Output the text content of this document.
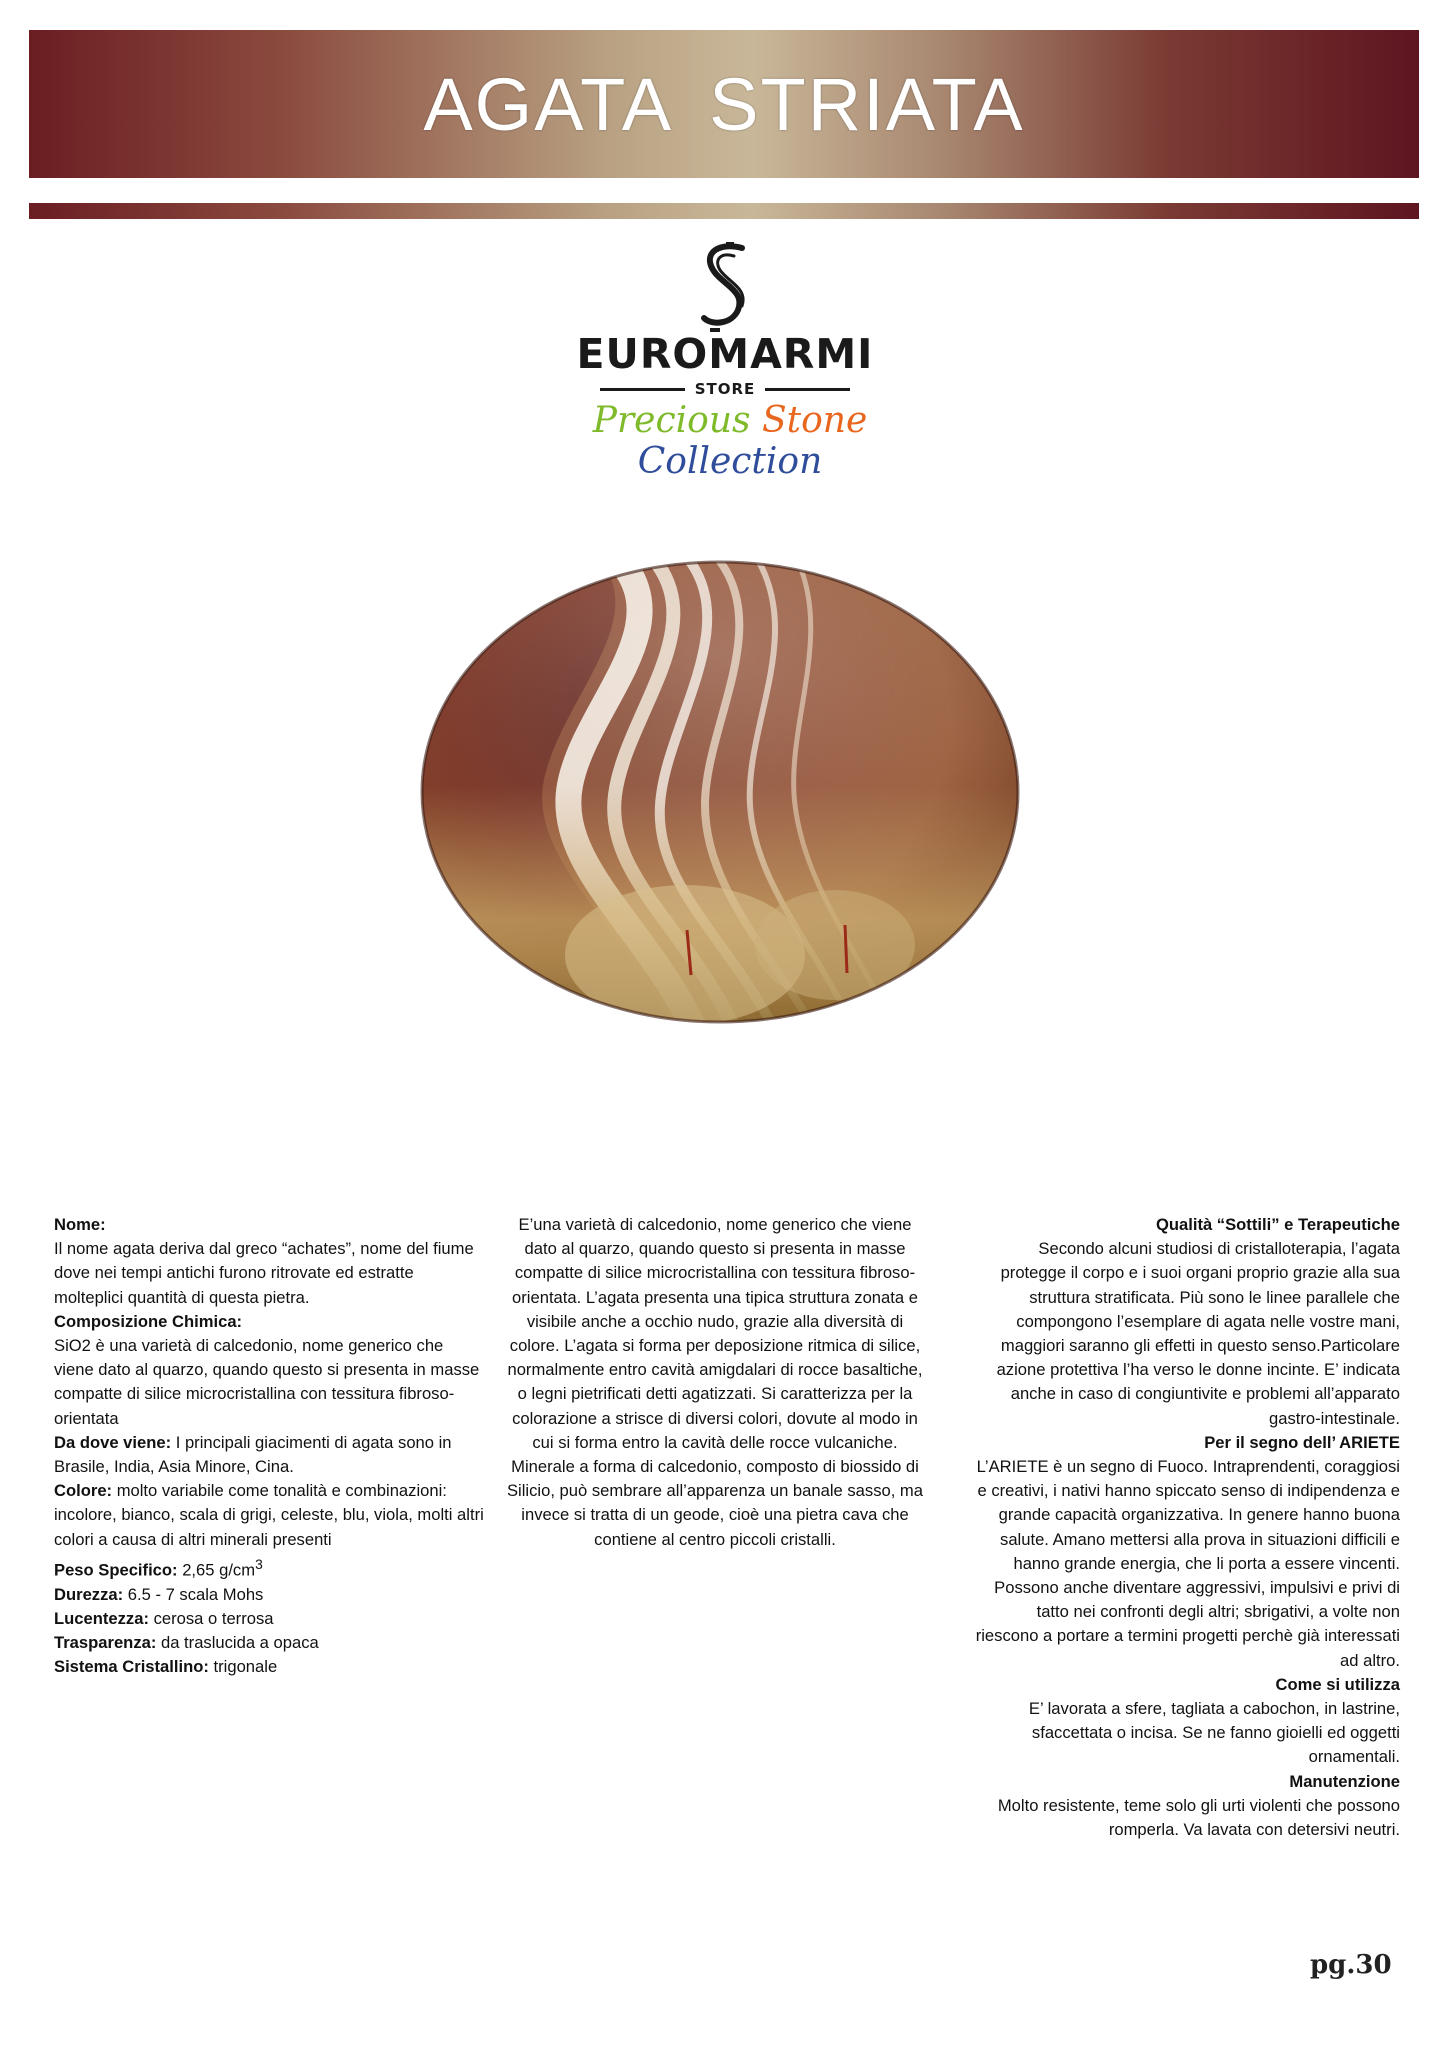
AGATA STRIATA
EUROMARMI
STORE
Precious Stone Collection

Nome:

Il nome agata deriva dal greco “achates”, nome del fiume dove nei tempi antichi furono ritrovate ed estratte molteplici quantità di questa pietra.

Composizione Chimica:

SiO2 è una varietà di calcedonio, nome generico che viene dato al quarzo, quando questo si presenta in masse compatte di silice microcristallina con tessitura fibroso-orientata

Da dove viene: I principali giacimenti di agata sono in Brasile, India, Asia Minore, Cina.

Colore: molto variabile come tonalità e combinazioni: incolore, bianco, scala di grigi, celeste, blu, viola, molti altri colori a causa di altri minerali presenti

Peso Specifico: 2,65 $g/cm^3$

Durezza: 6.5 - 7 scala Mohs

Lucentezza: cerosa o terrosa

Trasparenza: da traslucida a opaca

Sistema Cristallino: trigonale

E’una varietà di calcedonio, nome generico che viene dato al quarzo, quando questo si presenta in masse compatte di silice microcristallina con tessitura fibroso-orientata. L’agata presenta una tipica struttura zonata e visibile anche a occhio nudo, grazie alla diversità di colore. L’agata si forma per deposizione ritmica di silice, normalmente entro cavità amigdalari di rocce basaltiche, o legni pietrificati detti agatizzati. Si caratterizza per la colorazione a strisce di diversi colori, dovute al modo in cui si forma entro la cavità delle rocce vulcaniche. Minerale a forma di calcedonio, composto di biossido di Silicio, può sembrare all’apparenza un banale sasso, ma invece si tratta di un geode, cioè una pietra cava che contiene al centro piccoli cristalli.

Qualità “Sottili” e Terapeutiche

Secondo alcuni studiosi di cristalloterapia, l’agata protegge il corpo e i suoi organi proprio grazie alla sua struttura stratificata. Più sono le linee parallele che compongono l’esemplare di agata nelle vostre mani, maggiori saranno gli effetti in questo senso.Particolare azione protettiva l’ha verso le donne incinte. E’ indicata anche in caso di congiuntivite e problemi all’apparato gastro-intestinale.

Per il segno dell’ ARIETE

L’ARIETE è un segno di Fuoco. Intraprendenti, coraggiosi e creativi, i nativi hanno spiccato senso di indipendenza e grande capacità organizzativa. In genere hanno buona salute. Amano mettersi alla prova in situazioni difficili e hanno grande energia, che li porta a essere vincenti. Possono anche diventare aggressivi, impulsivi e privi di tatto nei confronti degli altri; sbrigativi, a volte non riescono a portare a termini progetti perchè già interessati ad altro.

Come si utilizza

E’ lavorata a sfere, tagliata a cabochon, in lastrine, sfaccettata o incisa. Se ne fanno gioielli ed oggetti ornamentali.

Manutenzione

Molto resistente, teme solo gli urti violenti che possono romperla. Va lavata con detersivi neutri.

pg.30
